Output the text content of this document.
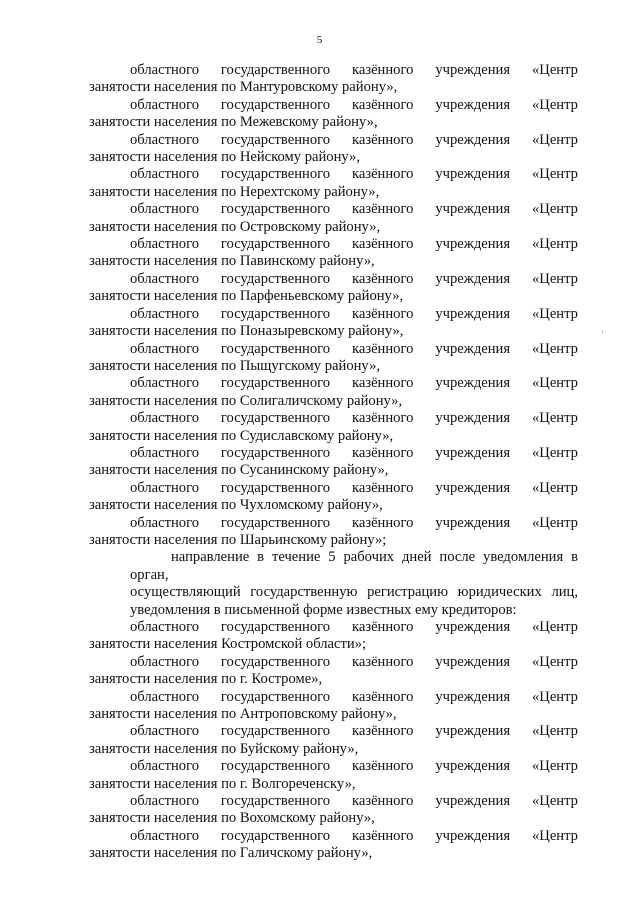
5
областного государственного казённого учреждения «Центр
занятости населения по Мантуровскому району»,
областного государственного казённого учреждения «Центр
занятости населения по Межевскому району»,
областного государственного казённого учреждения «Центр
занятости населения по Нейскому району»,
областного государственного казённого учреждения «Центр
занятости населения по Нерехтскому району»,
областного государственного казённого учреждения «Центр
занятости населения по Островскому району»,
областного государственного казённого учреждения «Центр
занятости населения по Павинскому району»,
областного государственного казённого учреждения «Центр
занятости населения по Парфеньевскому району»,
областного государственного казённого учреждения «Центр
занятости населения по Поназыревскому району»,
областного государственного казённого учреждения «Центр
занятости населения по Пыщугскому району»,
областного государственного казённого учреждения «Центр
занятости населения по Солигаличскому району»,
областного государственного казённого учреждения «Центр
занятости населения по Судиславскому району»,
областного государственного казённого учреждения «Центр
занятости населения по Сусанинскому району»,
областного государственного казённого учреждения «Центр
занятости населения по Чухломскому району»,
областного государственного казённого учреждения «Центр
занятости населения по Шарьинскому району»;
направление в течение 5 рабочих дней после уведомления в орган,
осуществляющий государственную регистрацию юридических лиц,
уведомления в письменной форме известных ему кредиторов:
областного государственного казённого учреждения «Центр
занятости населения Костромской области»;
областного государственного казённого учреждения «Центр
занятости населения по г. Костроме»,
областного государственного казённого учреждения «Центр
занятости населения по Антроповскому району»,
областного государственного казённого учреждения «Центр
занятости населения по Буйскому району»,
областного государственного казённого учреждения «Центр
занятости населения по г. Волгореченску»,
областного государственного казённого учреждения «Центр
занятости населения по Вохомскому району»,
областного государственного казённого учреждения «Центр
занятости населения по Галичскому району»,
